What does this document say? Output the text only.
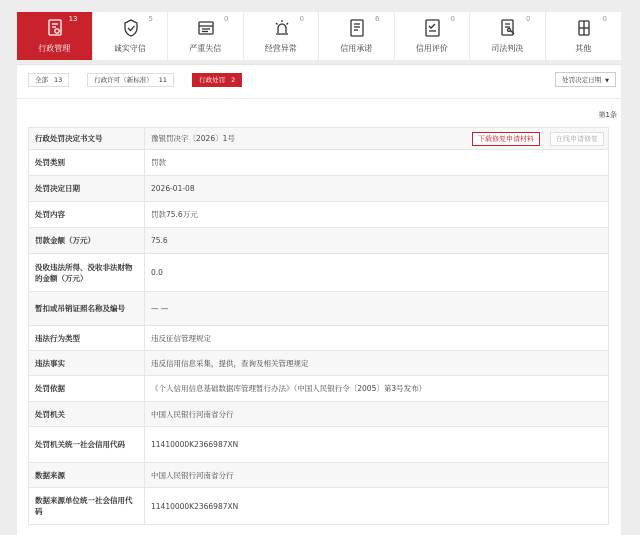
13
行政管理
5
诚实守信
0
严重失信
0
经营异常
6
信用承诺
0
信用评价
0
司法判决
0
其他
全部 13	行政许可（新标准） 11	行政处罚 2	处罚决定日期 ▼
第1条
行政处罚决定书文号	豫银罚决字〔2026〕1号 下载修复申请材料 在线申请修复

处罚类别	罚款
处罚决定日期	2026-01-08
处罚内容	罚款75.6万元
罚款金额（万元）	75.6
没收违法所得、没收非法财物的金额（万元）	0.0
暂扣或吊销证照名称及编号	— —
违法行为类型	违反征信管理规定
违法事实	违反信用信息采集，提供，查询及相关管理规定
处罚依据	《个人信用信息基础数据库管理暂行办法》（中国人民银行令〔2005〕第3号发布）
处罚机关	中国人民银行河南省分行
处罚机关统一社会信用代码	11410000K2366987XN
数据来源	中国人民银行河南省分行
数据来源单位统一社会信用代码	11410000K2366987XN
